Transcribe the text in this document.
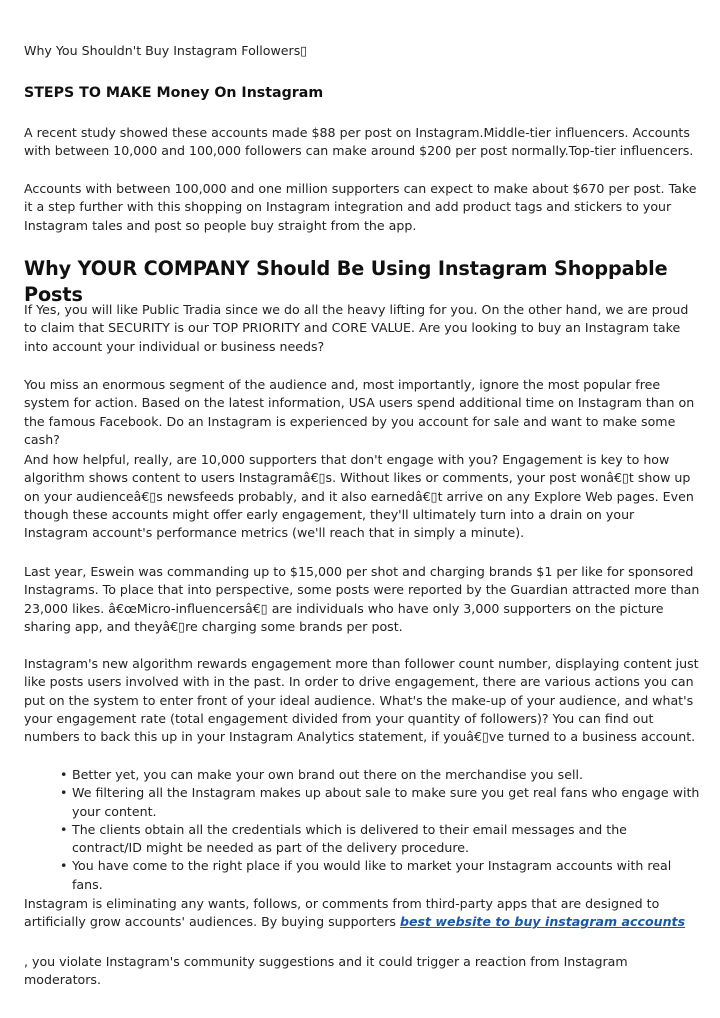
Why You Shouldn't Buy Instagram Followers▯

STEPS TO MAKE Money On Instagram

A recent study showed these accounts made $88 per post on Instagram.Middle-tier influencers. Accounts with between 10,000 and 100,000 followers can make around $200 per post normally.Top-tier influencers.

Accounts with between 100,000 and one million supporters can expect to make about $670 per post. Take it a step further with this shopping on Instagram integration and add product tags and stickers to your Instagram tales and post so people buy straight from the app.

Why YOUR COMPANY Should Be Using Instagram Shoppable Posts

If Yes, you will like Public Tradia since we do all the heavy lifting for you. On the other hand, we are proud to claim that SECURITY is our TOP PRIORITY and CORE VALUE. Are you looking to buy an Instagram take into account your individual or business needs?

You miss an enormous segment of the audience and, most importantly, ignore the most popular free system for action. Based on the latest information, USA users spend additional time on Instagram than on the famous Facebook. Do an Instagram is experienced by you account for sale and want to make some cash?

And how helpful, really, are 10,000 supporters that don't engage with you? Engagement is key to how algorithm shows content to users Instagramâ€▯s. Without likes or comments, your post wonâ€▯t show up on your audienceâ€▯s newsfeeds probably, and it also earnedâ€▯t arrive on any Explore Web pages. Even though these accounts might offer early engagement, they'll ultimately turn into a drain on your Instagram account's performance metrics (we'll reach that in simply a minute).

Last year, Eswein was commanding up to $15,000 per shot and charging brands $1 per like for sponsored Instagrams. To place that into perspective, some posts were reported by the Guardian attracted more than 23,000 likes. â€œMicro-influencersâ€▯ are individuals who have only 3,000 supporters on the picture sharing app, and theyâ€▯re charging some brands per post.

Instagram's new algorithm rewards engagement more than follower count number, displaying content just like posts users involved with in the past. In order to drive engagement, there are various actions you can put on the system to enter front of your ideal audience. What's the make-up of your audience, and what's your engagement rate (total engagement divided from your quantity of followers)? You can find out numbers to back this up in your Instagram Analytics statement, if youâ€▯ve turned to a business account.

• Better yet, you can make your own brand out there on the merchandise you sell.
• We filtering all the Instagram makes up about sale to make sure you get real fans who engage with your content.
• The clients obtain all the credentials which is delivered to their email messages and the contract/ID might be needed as part of the delivery procedure.
• You have come to the right place if you would like to market your Instagram accounts with real fans.

Instagram is eliminating any wants, follows, or comments from third-party apps that are designed to artificially grow accounts' audiences. By buying supporters best website to buy instagram accounts

, you violate Instagram's community suggestions and it could trigger a reaction from Instagram moderators.
